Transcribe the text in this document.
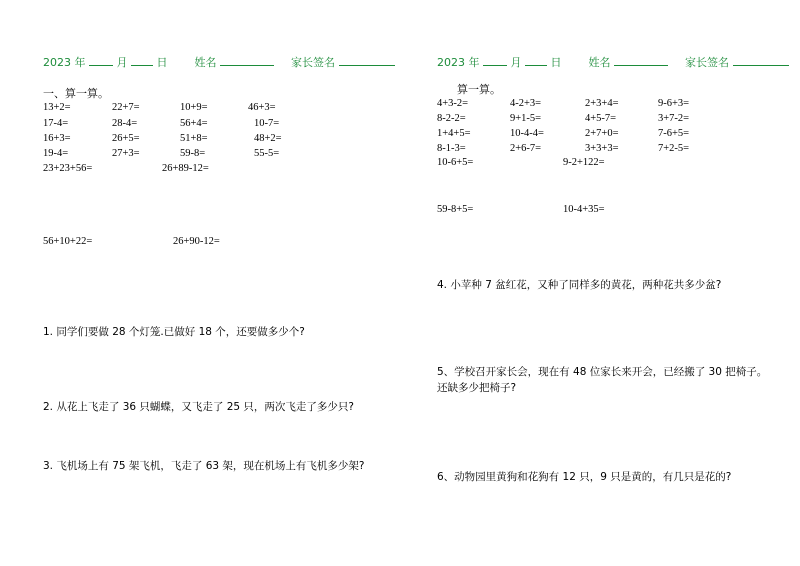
2023 年	月	日 姓名	家长签名
一、算一算。
13+2=	22+7=	10+9=	46+3=
17-4=	28-4=	56+4=	10-7=
16+3=	26+5=	51+8=	48+2=
19-4=	27+3=	59-8=	55-5=
23+23+56=	26+89-12=
56+10+22=	26+90-12=
1. 同学们要做 28 个灯笼.已做好 18 个，还要做多少个?
2. 从花上飞走了 36 只蝴蝶，又飞走了 25 只，两次飞走了多少只?
3. 飞机场上有 75 架飞机，飞走了 63 架，现在机场上有飞机多少架?
2023 年	月	日 姓名	家长签名
算一算。
4+3-2=	4-2+3=	2+3+4=	9-6+3=
8-2-2=	9+1-5=	4+5-7=	3+7-2=
1+4+5=	10-4-4=	2+7+0=	7-6+5=
8-1-3=	2+6-7=	3+3+3=	7+2-5=
10-6+5=	9-2+122=
59-8+5=	10-4+35=
4. 小苹种 7 盆红花，又种了同样多的黄花，两种花共多少盆?
5、学校召开家长会，现在有 48 位家长来开会，已经搬了 30 把椅子。
还缺多少把椅子?
6、动物园里黄狗和花狗有 12 只，9 只是黄的，有几只是花的?
